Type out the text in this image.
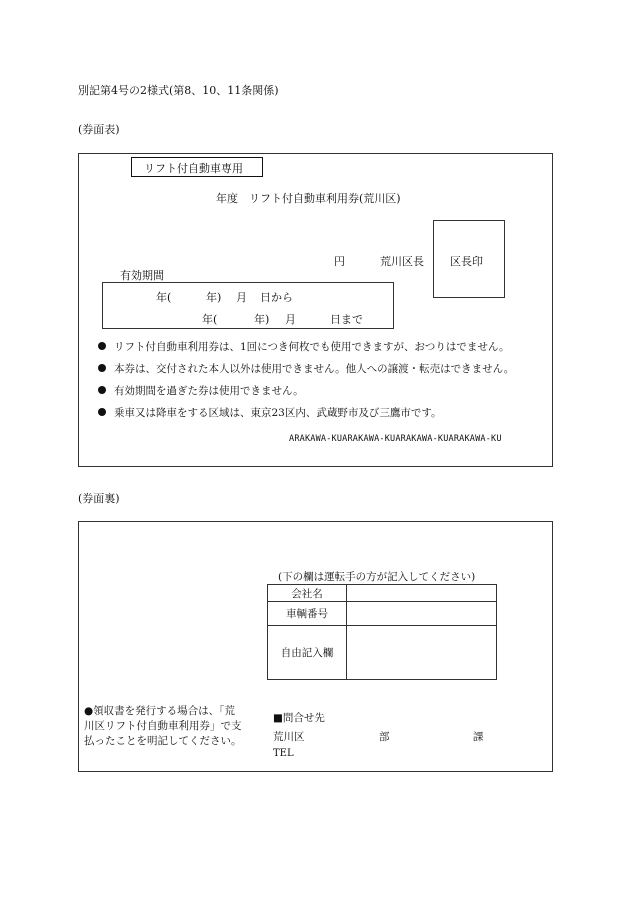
別記第4号の2様式(第8、10、11条関係)
(券面表)
リフト付自動車専用
年度　リフト付自動車利用券(荒川区)
円	荒川区長 区長印
有効期間
年(	年) 月 日から
年(	年) 月	日まで
リフト付自動車利用券は、1回につき何枚でも使用できますが、おつりはでません。
本券は、交付された本人以外は使用できません。他人への譲渡・転売はできません。
有効期間を過ぎた券は使用できません。
乗車又は降車をする区域は、東京23区内、武蔵野市及び三鷹市です。
ARAKAWA-KUARAKAWA-KUARAKAWA-KUARAKAWA-KU
(券面裏)
(下の欄は運転手の方が記入してください)
会社名	
車輌番号	
自由記入欄	
●領収書を発行する場合は、「荒
川区リフト付自動車利用券」で支
払ったことを明記してください。
■問合せ先
荒川区	部	課
TEL
